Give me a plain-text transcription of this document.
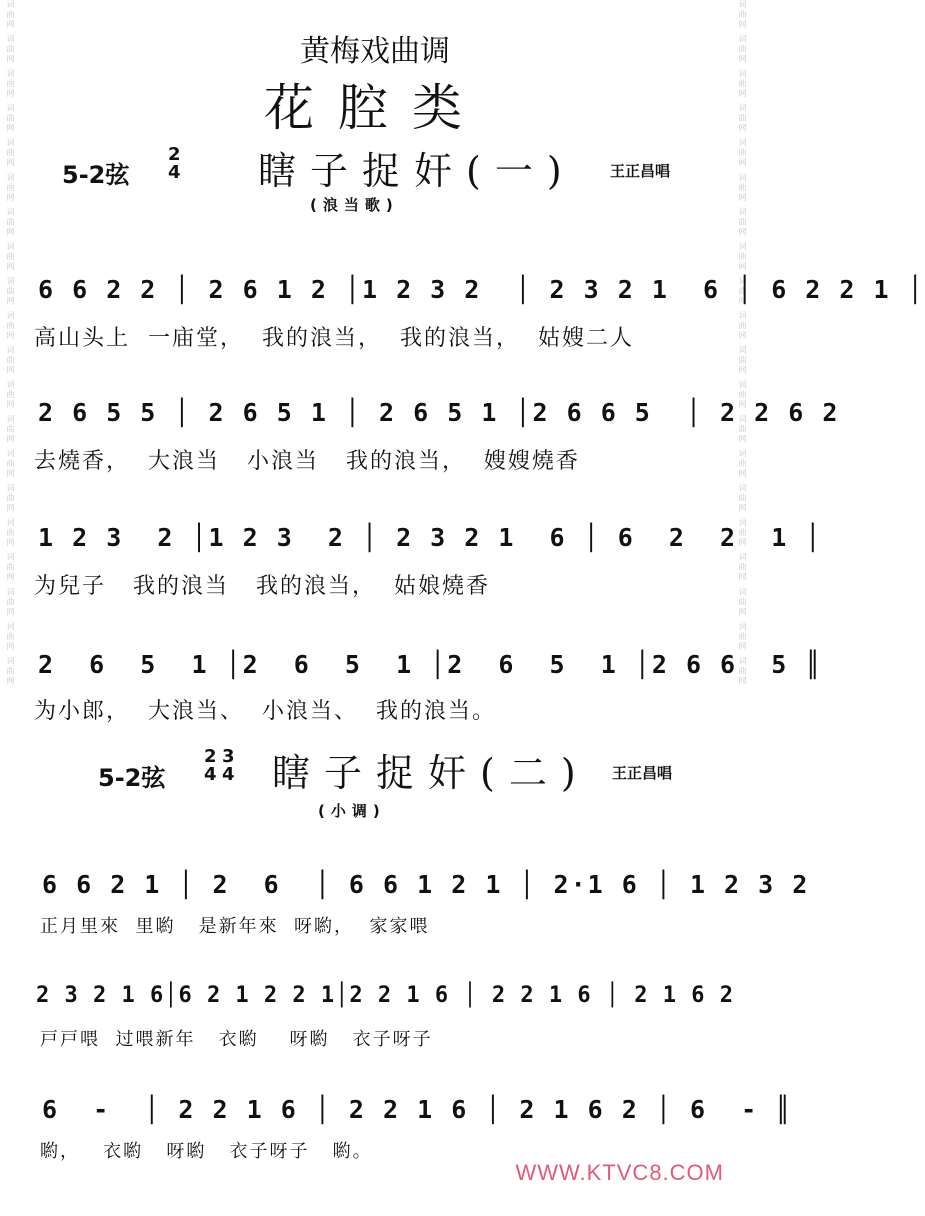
词曲网 词曲网 词曲网 词曲网 词曲网 词曲网 词曲网 词曲网 词曲网 词曲网 词曲网 词曲网 词曲网 词曲网 词曲网 词曲网 词曲网 词曲网 词曲网 词曲网	词曲网 词曲网 词曲网 词曲网 词曲网 词曲网 词曲网 词曲网 词曲网 词曲网 词曲网 词曲网 词曲网 词曲网 词曲网 词曲网 词曲网 词曲网 词曲网 词曲网
黄梅戏曲调
花腔类
5-2弦
2
4 瞎子捉奸(一) 王正昌唱
(浪当歌)
6 6 2 2 │ 2 6 1 2 │1 2 3 2  │ 2 3 2 1  6 │ 6 2 2 1 │
高山头上  一庙堂，  我的浪当，  我的浪当，  姑嫂二人
2 6 5 5 │ 2 6 5 1 │ 2 6 5 1 │2 6 6 5  │ 2 2 6 2
去燒香，  大浪当   小浪当   我的浪当，  嫂嫂燒香
1 2 3  2 │1 2 3  2 │ 2 3 2 1  6 │ 6  2  2  1 │
为兒子   我的浪当   我的浪当，  姑娘燒香
2  6  5  1 │2  6  5  1 │2  6  5  1 │2 6 6  5 ║
为小郎，  大浪当、  小浪当、  我的浪当。
5-2弦
2
4
3
4 瞎子捉奸(二) 王正昌唱
(小调)
6 6 2 1 │ 2  6  │ 6 6 1 2 1 │ 2·1 6 │ 1 2 3 2
正月里來  里喲   是新年來  呀喲，  家家喂
2 3 2 1 6│6 2 1 2 2 1│2 2 1 6 │ 2 2 1 6 │ 2 1 6 2
戸戸喂  过喂新年   衣喲    呀喲   衣子呀子
6  -  │ 2 2 1 6 │ 2 2 1 6 │ 2 1 6 2 │ 6  - ║
喲，   衣喲   呀喲   衣子呀子   喲。
WWW.KTVC8.COM
